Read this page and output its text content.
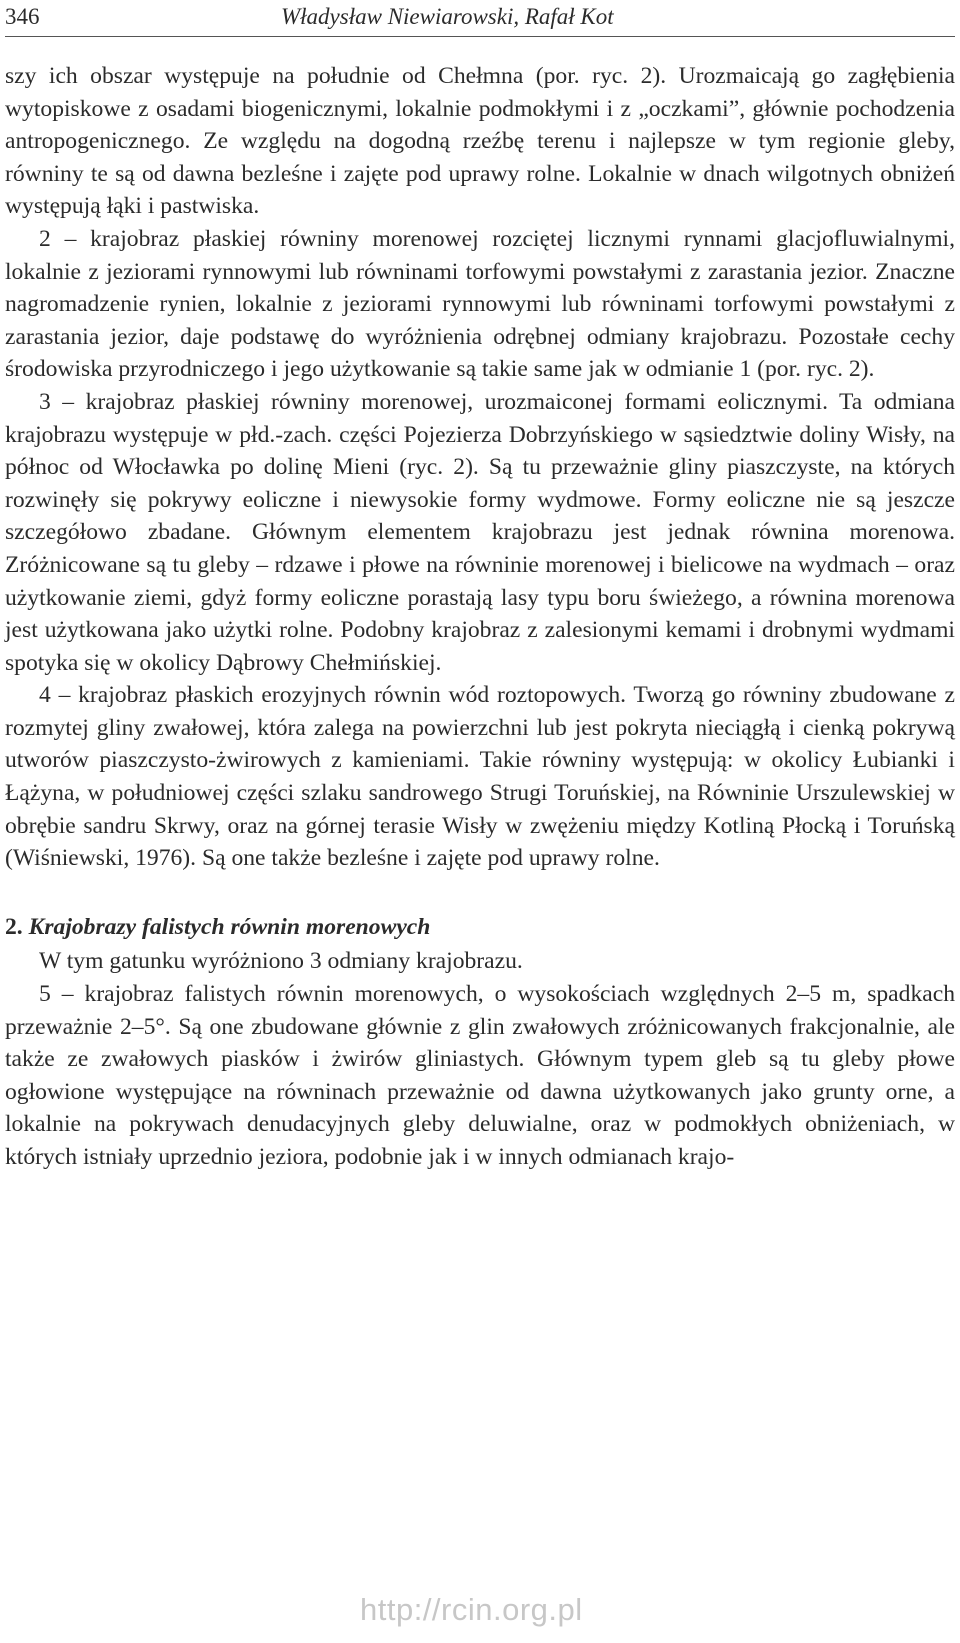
346	Władysław Niewiarowski, Rafał Kot

szy ich obszar występuje na południe od Chełmna (por. ryc. 2). Urozmaicają go zagłębienia wytopiskowe z osadami biogenicznymi, lokalnie podmokłymi i z „oczkami”, głównie pochodzenia antropogenicznego. Ze względu na dogodną rzeźbę terenu i najlepsze w tym regionie gleby, równiny te są od dawna bezleśne i zajęte pod uprawy rolne. Lokalnie w dnach wilgotnych obniżeń występują łąki i pastwiska.

2 – krajobraz płaskiej równiny morenowej rozciętej licznymi rynnami glacjofluwialnymi, lokalnie z jeziorami rynnowymi lub równinami torfowymi powstałymi z zarastania jezior. Znaczne nagromadzenie rynien, lokalnie z jeziorami rynnowymi lub równinami torfowymi powstałymi z zarastania jezior, daje podstawę do wyróżnienia odrębnej odmiany krajobrazu. Pozostałe cechy środowiska przyrodniczego i jego użytkowanie są takie same jak w odmianie 1 (por. ryc. 2).

3 – krajobraz płaskiej równiny morenowej, urozmaiconej formami eolicznymi. Ta odmiana krajobrazu występuje w płd.-zach. części Pojezierza Dobrzyńskiego w sąsiedztwie doliny Wisły, na północ od Włocławka po dolinę Mieni (ryc. 2). Są tu przeważnie gliny piaszczyste, na których rozwinęły się pokrywy eoliczne i niewysokie formy wydmowe. Formy eoliczne nie są jeszcze szczegółowo zbadane. Głównym elementem krajobrazu jest jednak równina morenowa. Zróżnicowane są tu gleby – rdzawe i płowe na równinie morenowej i bielicowe na wydmach – oraz użytkowanie ziemi, gdyż formy eoliczne porastają lasy typu boru świeżego, a równina morenowa jest użytkowana jako użytki rolne. Podobny krajobraz z zalesionymi kemami i drobnymi wydmami spotyka się w okolicy Dąbrowy Chełmińskiej.

4 – krajobraz płaskich erozyjnych równin wód roztopowych. Tworzą go równiny zbudowane z rozmytej gliny zwałowej, która zalega na powierzchni lub jest pokryta nieciągłą i cienką pokrywą utworów piaszczysto-żwirowych z kamieniami. Takie równiny występują: w okolicy Łubianki i Łążyna, w południowej części szlaku sandrowego Strugi Toruńskiej, na Równinie Urszulewskiej w obrębie sandru Skrwy, oraz na górnej terasie Wisły w zwężeniu między Kotliną Płocką i Toruńską (Wiśniewski, 1976). Są one także bezleśne i zajęte pod uprawy rolne.

2. Krajobrazy falistych równin morenowych

W tym gatunku wyróżniono 3 odmiany krajobrazu.

5 – krajobraz falistych równin morenowych, o wysokościach względnych 2–5 m, spadkach przeważnie 2–5°. Są one zbudowane głównie z glin zwałowych zróżnicowanych frakcjonalnie, ale także ze zwałowych piasków i żwirów gliniastych. Głównym typem gleb są tu gleby płowe ogłowione występujące na równinach przeważnie od dawna użytkowanych jako grunty orne, a lokalnie na pokrywach denudacyjnych gleby deluwialne, oraz w podmokłych obniżeniach, w których istniały uprzednio jeziora, podobnie jak i w innych odmianach krajo-

http://rcin.org.pl
